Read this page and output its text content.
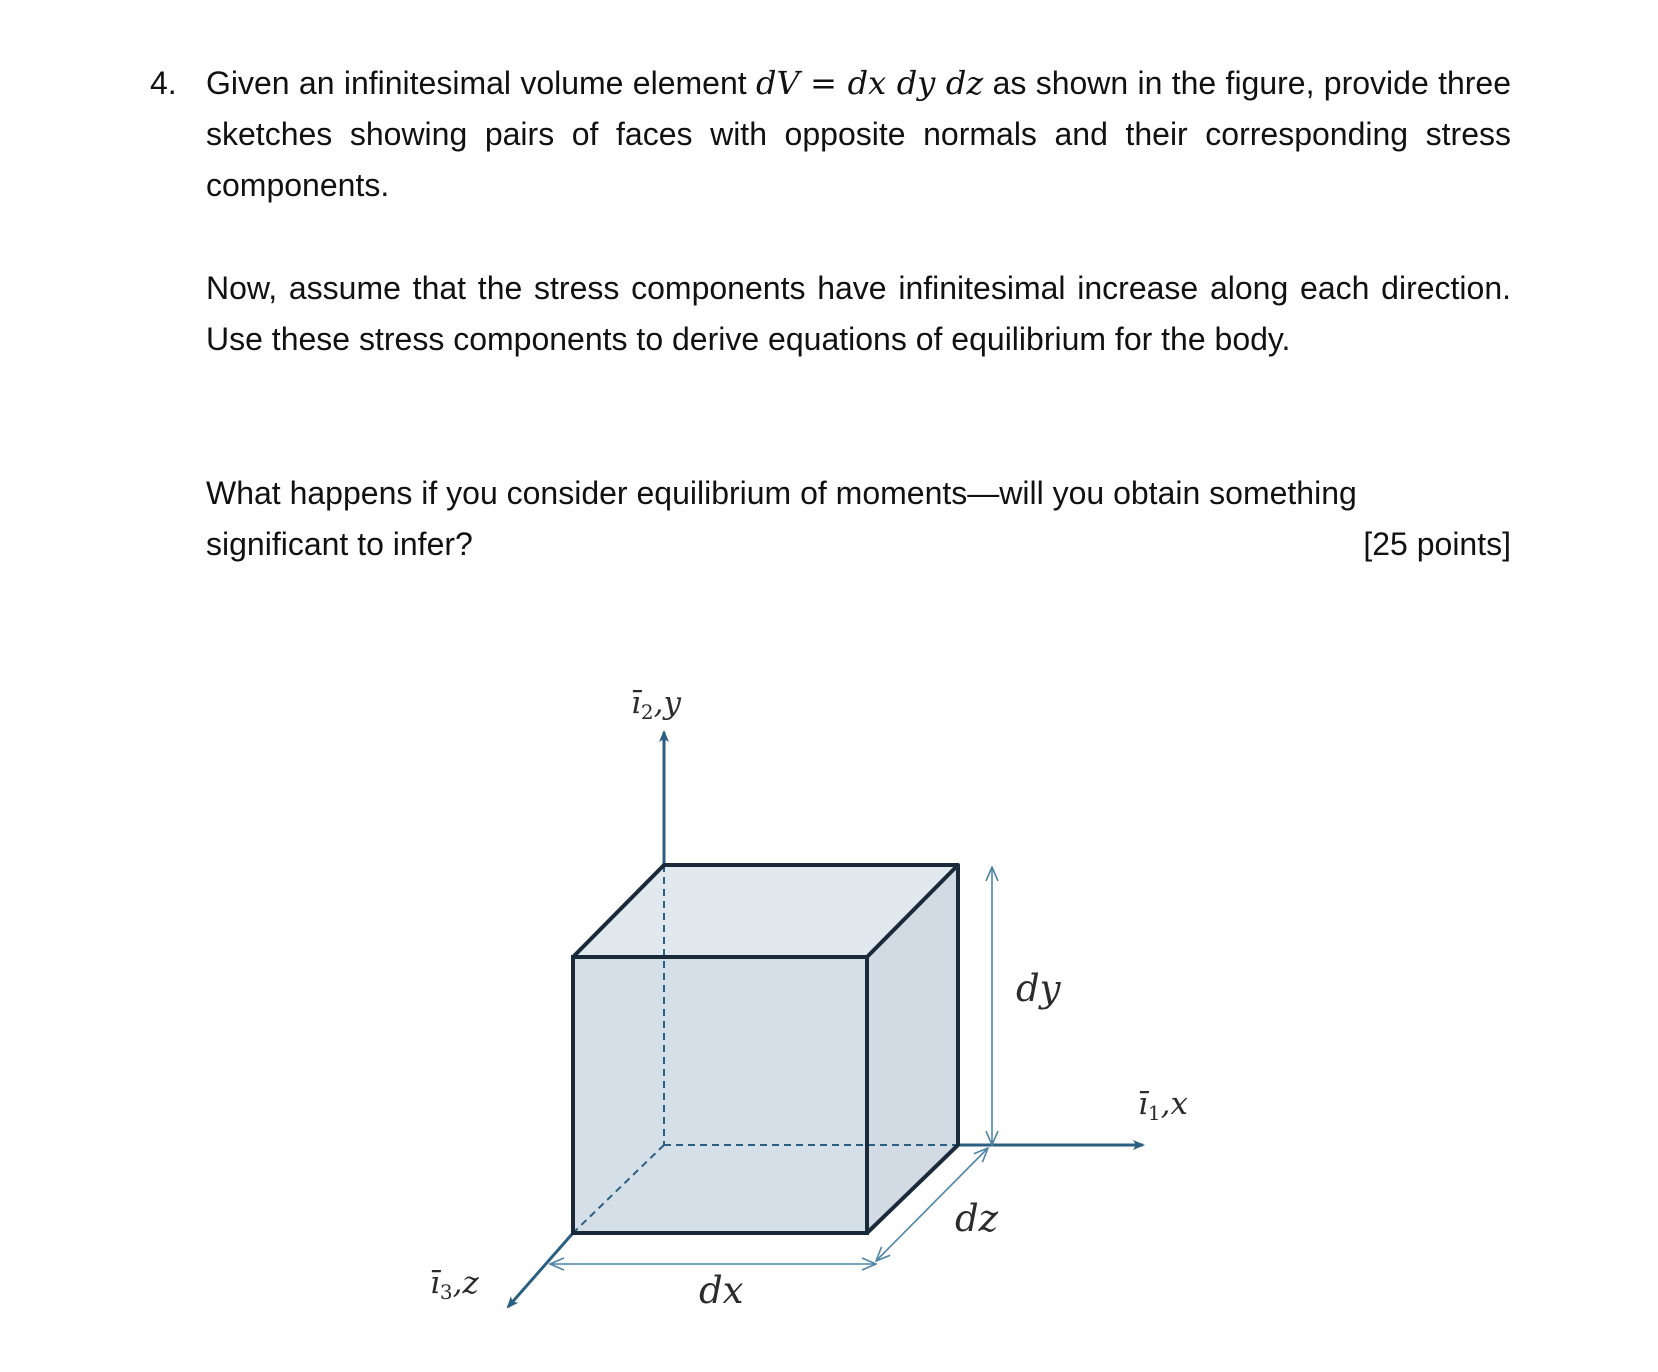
4. Given an infinitesimal volume element dV = dx dy dz as shown in the figure, provide three sketches showing pairs of faces with opposite normals and their corresponding stress components.
Now, assume that the stress components have infinitesimal increase along each direction. Use these stress components to derive equations of equilibrium for the body.
What happens if you consider equilibrium of moments—will you obtain something
significant to infer?	[25 points]
ī2,y
ī1,x
ī3,z	dx
dy
dz
